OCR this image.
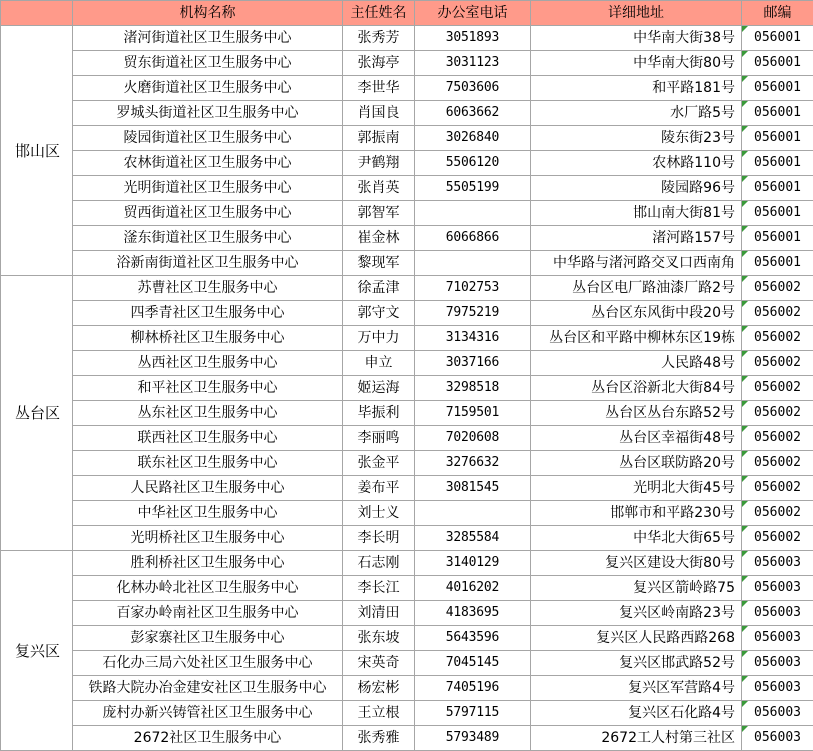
	机构名称	主任姓名	办公室电话	详细地址	邮编
邯山区	渚河街道社区卫生服务中心	张秀芳	3051893	中华南大街38号	056001
	贸东街道社区卫生服务中心	张海亭	3031123	中华南大街80号	056001
	火磨街道社区卫生服务中心	李世华	7503606	和平路181号	056001
	罗城头街道社区卫生服务中心	肖国良	6063662	水厂路5号	056001
	陵园街道社区卫生服务中心	郭振南	3026840	陵东街23号	056001
	农林街道社区卫生服务中心	尹鹤翔	5506120	农林路110号	056001
	光明街道社区卫生服务中心	张肖英	5505199	陵园路96号	056001
	贸西街道社区卫生服务中心	郭智军		邯山南大街81号	056001
	滏东街道社区卫生服务中心	崔金林	6066866	渚河路157号	056001
	浴新南街道社区卫生服务中心	黎现军		中华路与渚河路交叉口西南角	056001
丛台区	苏曹社区卫生服务中心	徐孟津	7102753	丛台区电厂路油漆厂路2号	056002
	四季青社区卫生服务中心	郭守文	7975219	丛台区东风街中段20号	056002
	柳林桥社区卫生服务中心	万中力	3134316	丛台区和平路中柳林东区19栋	056002
	丛西社区卫生服务中心	申立	3037166	人民路48号	056002
	和平社区卫生服务中心	姬运海	3298518	丛台区浴新北大街84号	056002
	丛东社区卫生服务中心	毕振利	7159501	丛台区丛台东路52号	056002
	联西社区卫生服务中心	李丽鸣	7020608	丛台区幸福街48号	056002
	联东社区卫生服务中心	张金平	3276632	丛台区联防路20号	056002
	人民路社区卫生服务中心	姜布平	3081545	光明北大街45号	056002
	中华社区卫生服务中心	刘士义		邯郸市和平路230号	056002
	光明桥社区卫生服务中心	李长明	3285584	中华北大街65号	056002
复兴区	胜利桥社区卫生服务中心	石志刚	3140129	复兴区建设大街80号	056003
	化林办岭北社区卫生服务中心	李长江	4016202	复兴区箭岭路75	056003
	百家办岭南社区卫生服务中心	刘清田	4183695	复兴区岭南路23号	056003
	彭家寨社区卫生服务中心	张东坡	5643596	复兴区人民路西路268	056003
	石化办三局六处社区卫生服务中心	宋英奇	7045145	复兴区邯武路52号	056003
	铁路大院办冶金建安社区卫生服务中心	杨宏彬	7405196	复兴区军营路4号	056003
	庞村办新兴铸管社区卫生服务中心	王立根	5797115	复兴区石化路4号	056003
	2672社区卫生服务中心	张秀雅	5793489	2672工人村第三社区	056003
